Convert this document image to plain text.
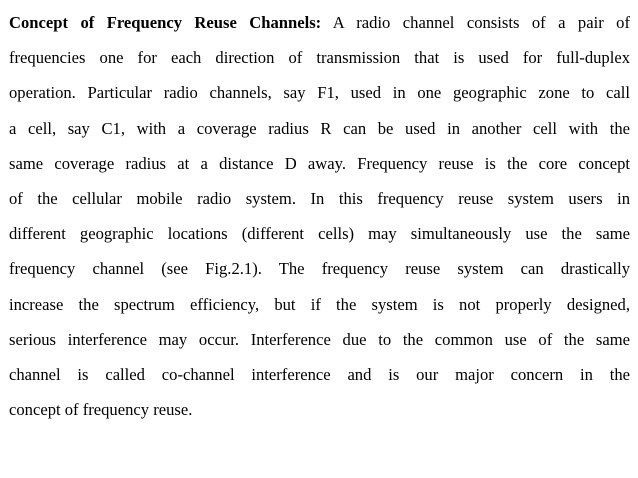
Concept of Frequency Reuse Channels: A radio channel consists of a pair of
frequencies one for each direction of transmission that is used for full-duplex
operation. Particular radio channels, say F1, used in one geographic zone to call
a cell, say C1, with a coverage radius R can be used in another cell with the
same coverage radius at a distance D away. Frequency reuse is the core concept
of the cellular mobile radio system. In this frequency reuse system users in
different geographic locations (different cells) may simultaneously use the same
frequency channel (see Fig.2.1). The frequency reuse system can drastically
increase the spectrum efficiency, but if the system is not properly designed,
serious interference may occur. Interference due to the common use of the same
channel is called co-channel interference and is our major concern in the
concept of frequency reuse.
